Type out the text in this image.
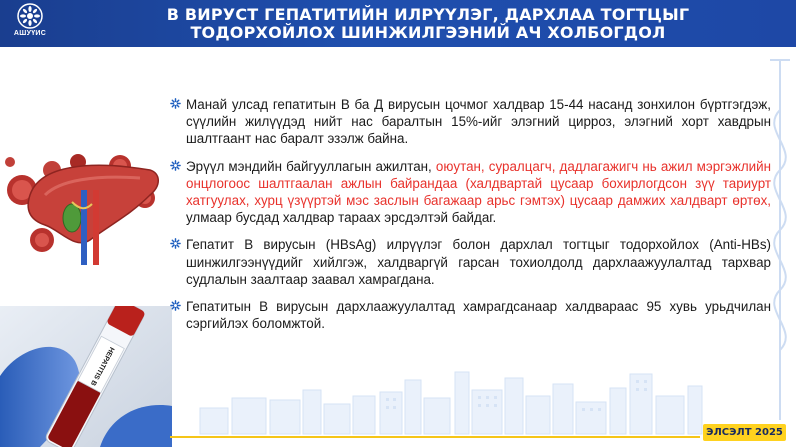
АШУҮИС
В ВИРУСТ ГЕПАТИТИЙН ИЛРҮҮЛЭГ, ДАРХЛАА ТОГТЦЫГ
ТОДОРХОЙЛОХ ШИНЖИЛГЭЭНИЙ АЧ ХОЛБОГДОЛ
HEPATITIS B
Манай улсад гепатитын В ба Д вирусын цочмог халдвар 15-44 насанд зонхилон бүртгэгдэж, сүүлийн жилүүдэд нийт нас баралтын 15%-ийг элэгний цирроз, элэгний хорт хавдрын шалтгаант нас баралт эзэлж байна.
Эрүүл мэндийн байгууллагын ажилтан, оюутан, суралцагч, дадлагажигч нь ажил мэргэжлийн онцлогоос шалтгаалан ажлын байрандаа (халдвартай цусаар бохирлогдсон зүү тариурт хатгуулах, хурц үзүүртэй мэс заслын багажаар арьс гэмтэх) цусаар дамжих халдварт өртөх, улмаар бусдад халдвар тараах эрсдэлтэй байдаг.
Гепатит В вирусын (HBsAg) илрүүлэг болон дархлал тогтцыг тодорхойлох (Anti-HBs) шинжилгээнүүдийг хийлгэж, халдваргүй гарсан тохиолдолд дархлаажуулалтад тархвар судлалын заалтаар заавал хамрагдана.
Гепатитын В вирусын дархлаажуулалтад хамрагдсанаар халдвараас 95 хувь урьдчилан сэргийлэх боломжтой.
ЭЛСЭЛТ 2025
